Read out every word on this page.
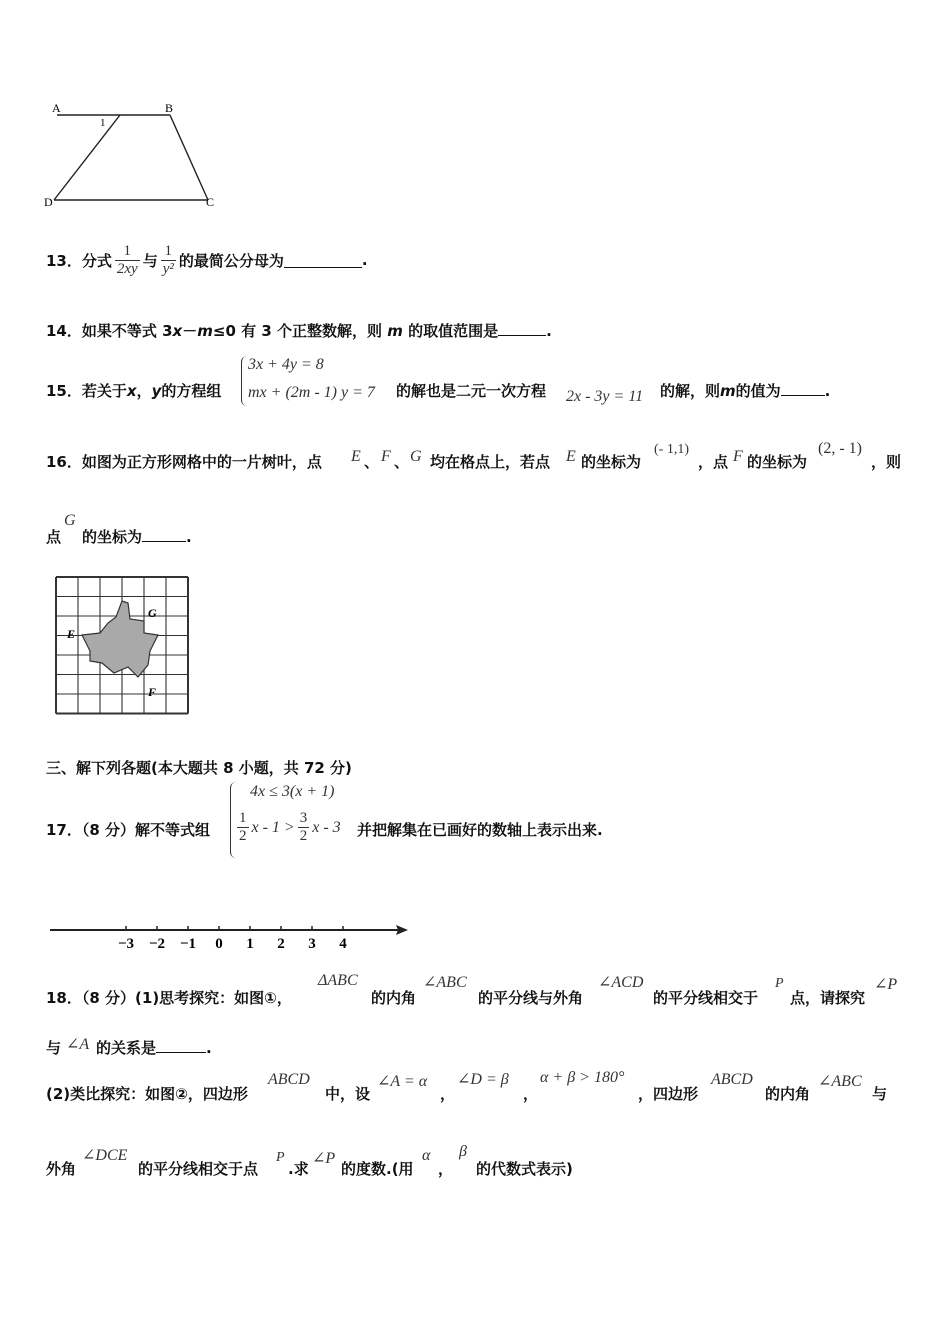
A	B
D	C
1
13．分式 $\frac{1}{2xy}$ 与 $\frac{1}{\text{y²}}$ 的最简公分母为	.
14．如果不等式 3x－m≤0 有 3 个正整数解，则 m 的取值范围是	.
15．若关于x，y的方程组
3x + 4y = 8
mx + (2m - 1) y = 7 的解也是二元一次方程 2x - 3y = 11 的解，则m的值为	.
16．如图为正方形网格中的一片树叶，点 E 、 F 、 G 均在格点上，若点 E 的坐标为
(- 1,1)
，点 F 的坐标为
(2, - 1)
，则
点
G
的坐标为	.
E
F
G
三、解下列各题(本大题共 8 小题，共 72 分)
17．（8 分）解不等式组
4x ≤ 3(x + 1)
$\frac{1}{2}$ $x - 1 > \frac{3}{2}$ x - 3 并把解集在已画好的数轴上表示出来.
−3 −2 −1 0 1 2 3 4
18．（8 分）(1)思考探究：如图①，
ΔABC
的内角
∠ABC
的平分线与外角
∠ACD
的平分线相交于
P
点，请探究
∠P
与 ∠A 的关系是	.
(2)类比探究：如图②，四边形
ABCD
中，设
∠A = α
，
∠D = β
，
α + β > 180°
，四边形
ABCD
的内角
∠ABC
与
外角
∠DCE
的平分线相交于点
P
.求
∠P
的度数.(用
α
，
β
的代数式表示)
